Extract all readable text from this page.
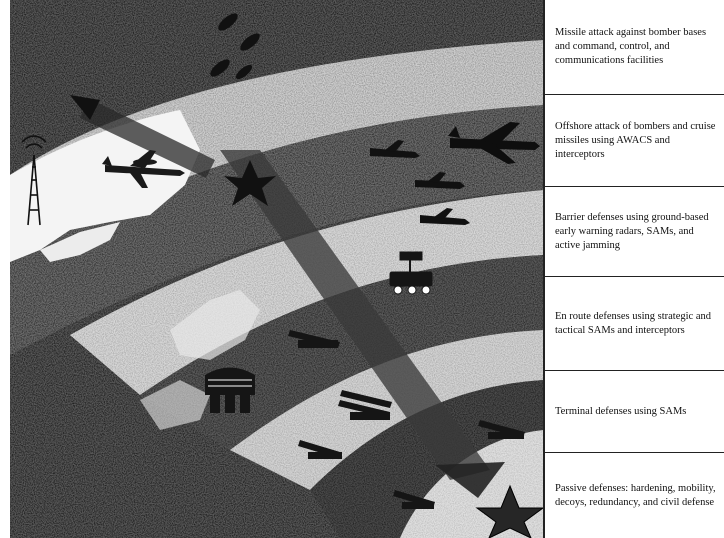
Missile attack against bomber bases and command, control, and communications facilities
Offshore attack of bombers and cruise missiles using AWACS and interceptors
Barrier defenses using ground-based early warning radars, SAMs, and active jamming
En route defenses using strategic and tactical SAMs and interceptors
Terminal defenses using SAMs
Passive defenses: hardening, mobility, decoys, redundancy, and civil defense
